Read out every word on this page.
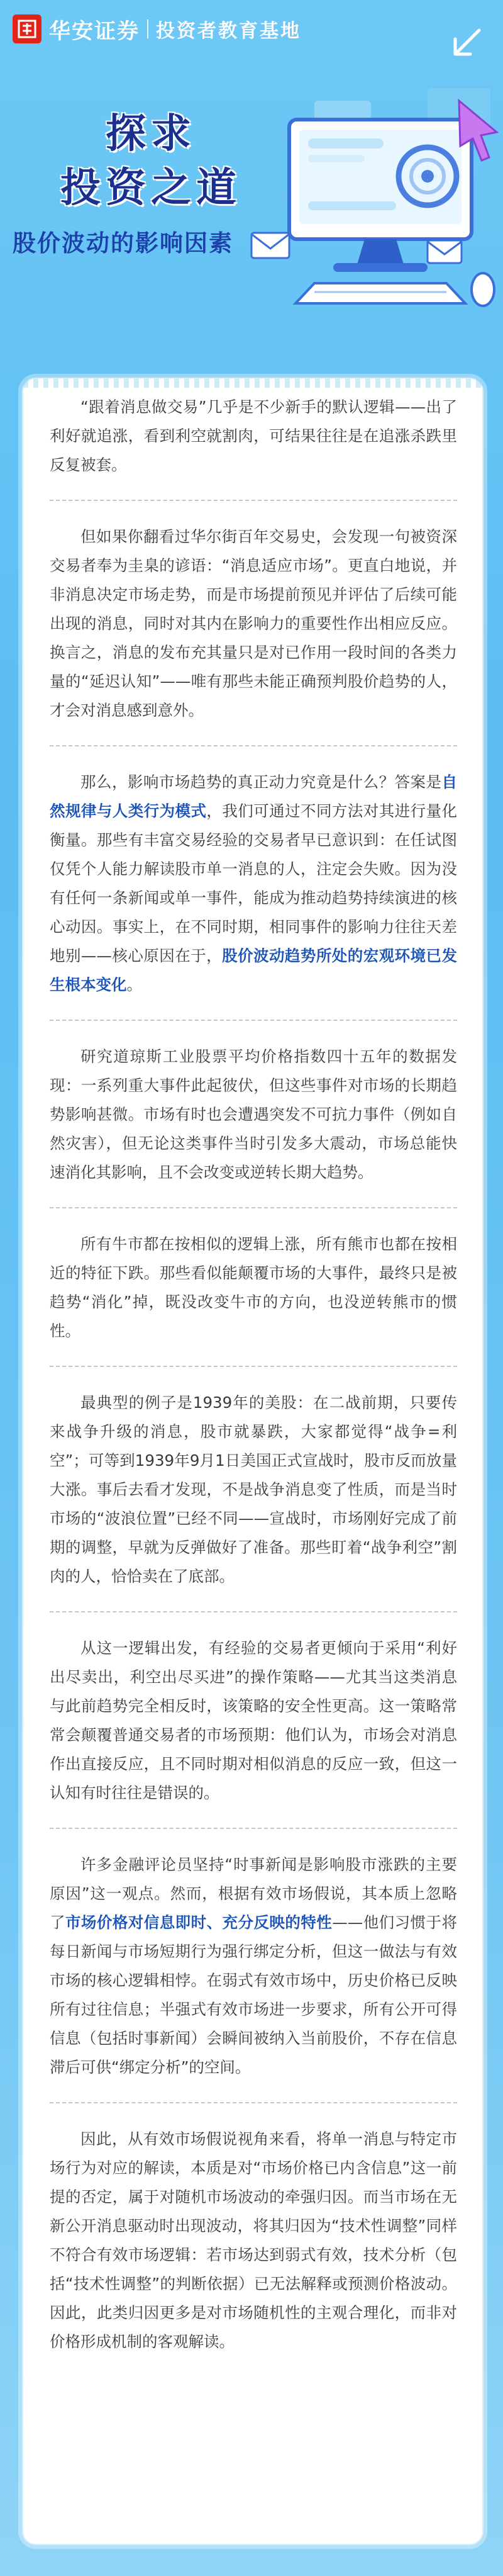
华安证券 投资者教育基地
探求
投资之道
股价波动的影响因素

“跟着消息做交易”几乎是不少新手的默认逻辑——出了利好就追涨，看到利空就割肉，可结果往往是在追涨杀跌里反复被套。

但如果你翻看过华尔街百年交易史，会发现一句被资深交易者奉为圭臬的谚语：“消息适应市场”。更直白地说，并非消息决定市场走势，而是市场提前预见并评估了后续可能出现的消息，同时对其内在影响力的重要性作出相应反应。换言之，消息的发布充其量只是对已作用一段时间的各类力量的“延迟认知”——唯有那些未能正确预判股价趋势的人，才会对消息感到意外。

那么，影响市场趋势的真正动力究竟是什么？答案是自然规律与人类行为模式，我们可通过不同方法对其进行量化衡量。那些有丰富交易经验的交易者早已意识到：在任试图仅凭个人能力解读股市单一消息的人，注定会失败。因为没有任何一条新闻或单一事件，能成为推动趋势持续演进的核心动因。事实上，在不同时期，相同事件的影响力往往天差地别——核心原因在于，股价波动趋势所处的宏观环境已发生根本变化。

研究道琼斯工业股票平均价格指数四十五年的数据发现：一系列重大事件此起彼伏，但这些事件对市场的长期趋势影响甚微。市场有时也会遭遇突发不可抗力事件（例如自然灾害），但无论这类事件当时引发多大震动，市场总能快速消化其影响，且不会改变或逆转长期大趋势。

所有牛市都在按相似的逻辑上涨，所有熊市也都在按相近的特征下跌。那些看似能颠覆市场的大事件，最终只是被趋势“消化”掉，既没改变牛市的方向，也没逆转熊市的惯性。

最典型的例子是1939年的美股：在二战前期，只要传来战争升级的消息，股市就暴跌，大家都觉得“战争=利空”；可等到1939年9月1日美国正式宣战时，股市反而放量大涨。事后去看才发现，不是战争消息变了性质，而是当时市场的“波浪位置”已经不同——宣战时，市场刚好完成了前期的调整，早就为反弹做好了准备。那些盯着“战争利空”割肉的人，恰恰卖在了底部。

从这一逻辑出发，有经验的交易者更倾向于采用“利好出尽卖出，利空出尽买进”的操作策略——尤其当这类消息与此前趋势完全相反时，该策略的安全性更高。这一策略常常会颠覆普通交易者的市场预期：他们认为，市场会对消息作出直接反应，且不同时期对相似消息的反应一致，但这一认知有时往往是错误的。

许多金融评论员坚持“时事新闻是影响股市涨跌的主要原因”这一观点。然而，根据有效市场假说，其本质上忽略了市场价格对信息即时、充分反映的特性——他们习惯于将每日新闻与市场短期行为强行绑定分析，但这一做法与有效市场的核心逻辑相悖。在弱式有效市场中，历史价格已反映所有过往信息；半强式有效市场进一步要求，所有公开可得信息（包括时事新闻）会瞬间被纳入当前股价，不存在信息滞后可供“绑定分析”的空间。

因此，从有效市场假说视角来看，将单一消息与特定市场行为对应的解读，本质是对“市场价格已内含信息”这一前提的否定，属于对随机市场波动的牵强归因。而当市场在无新公开消息驱动时出现波动，将其归因为“技术性调整”同样不符合有效市场逻辑：若市场达到弱式有效，技术分析（包括“技术性调整”的判断依据）已无法解释或预测价格波动。因此，此类归因更多是对市场随机性的主观合理化，而非对价格形成机制的客观解读。
